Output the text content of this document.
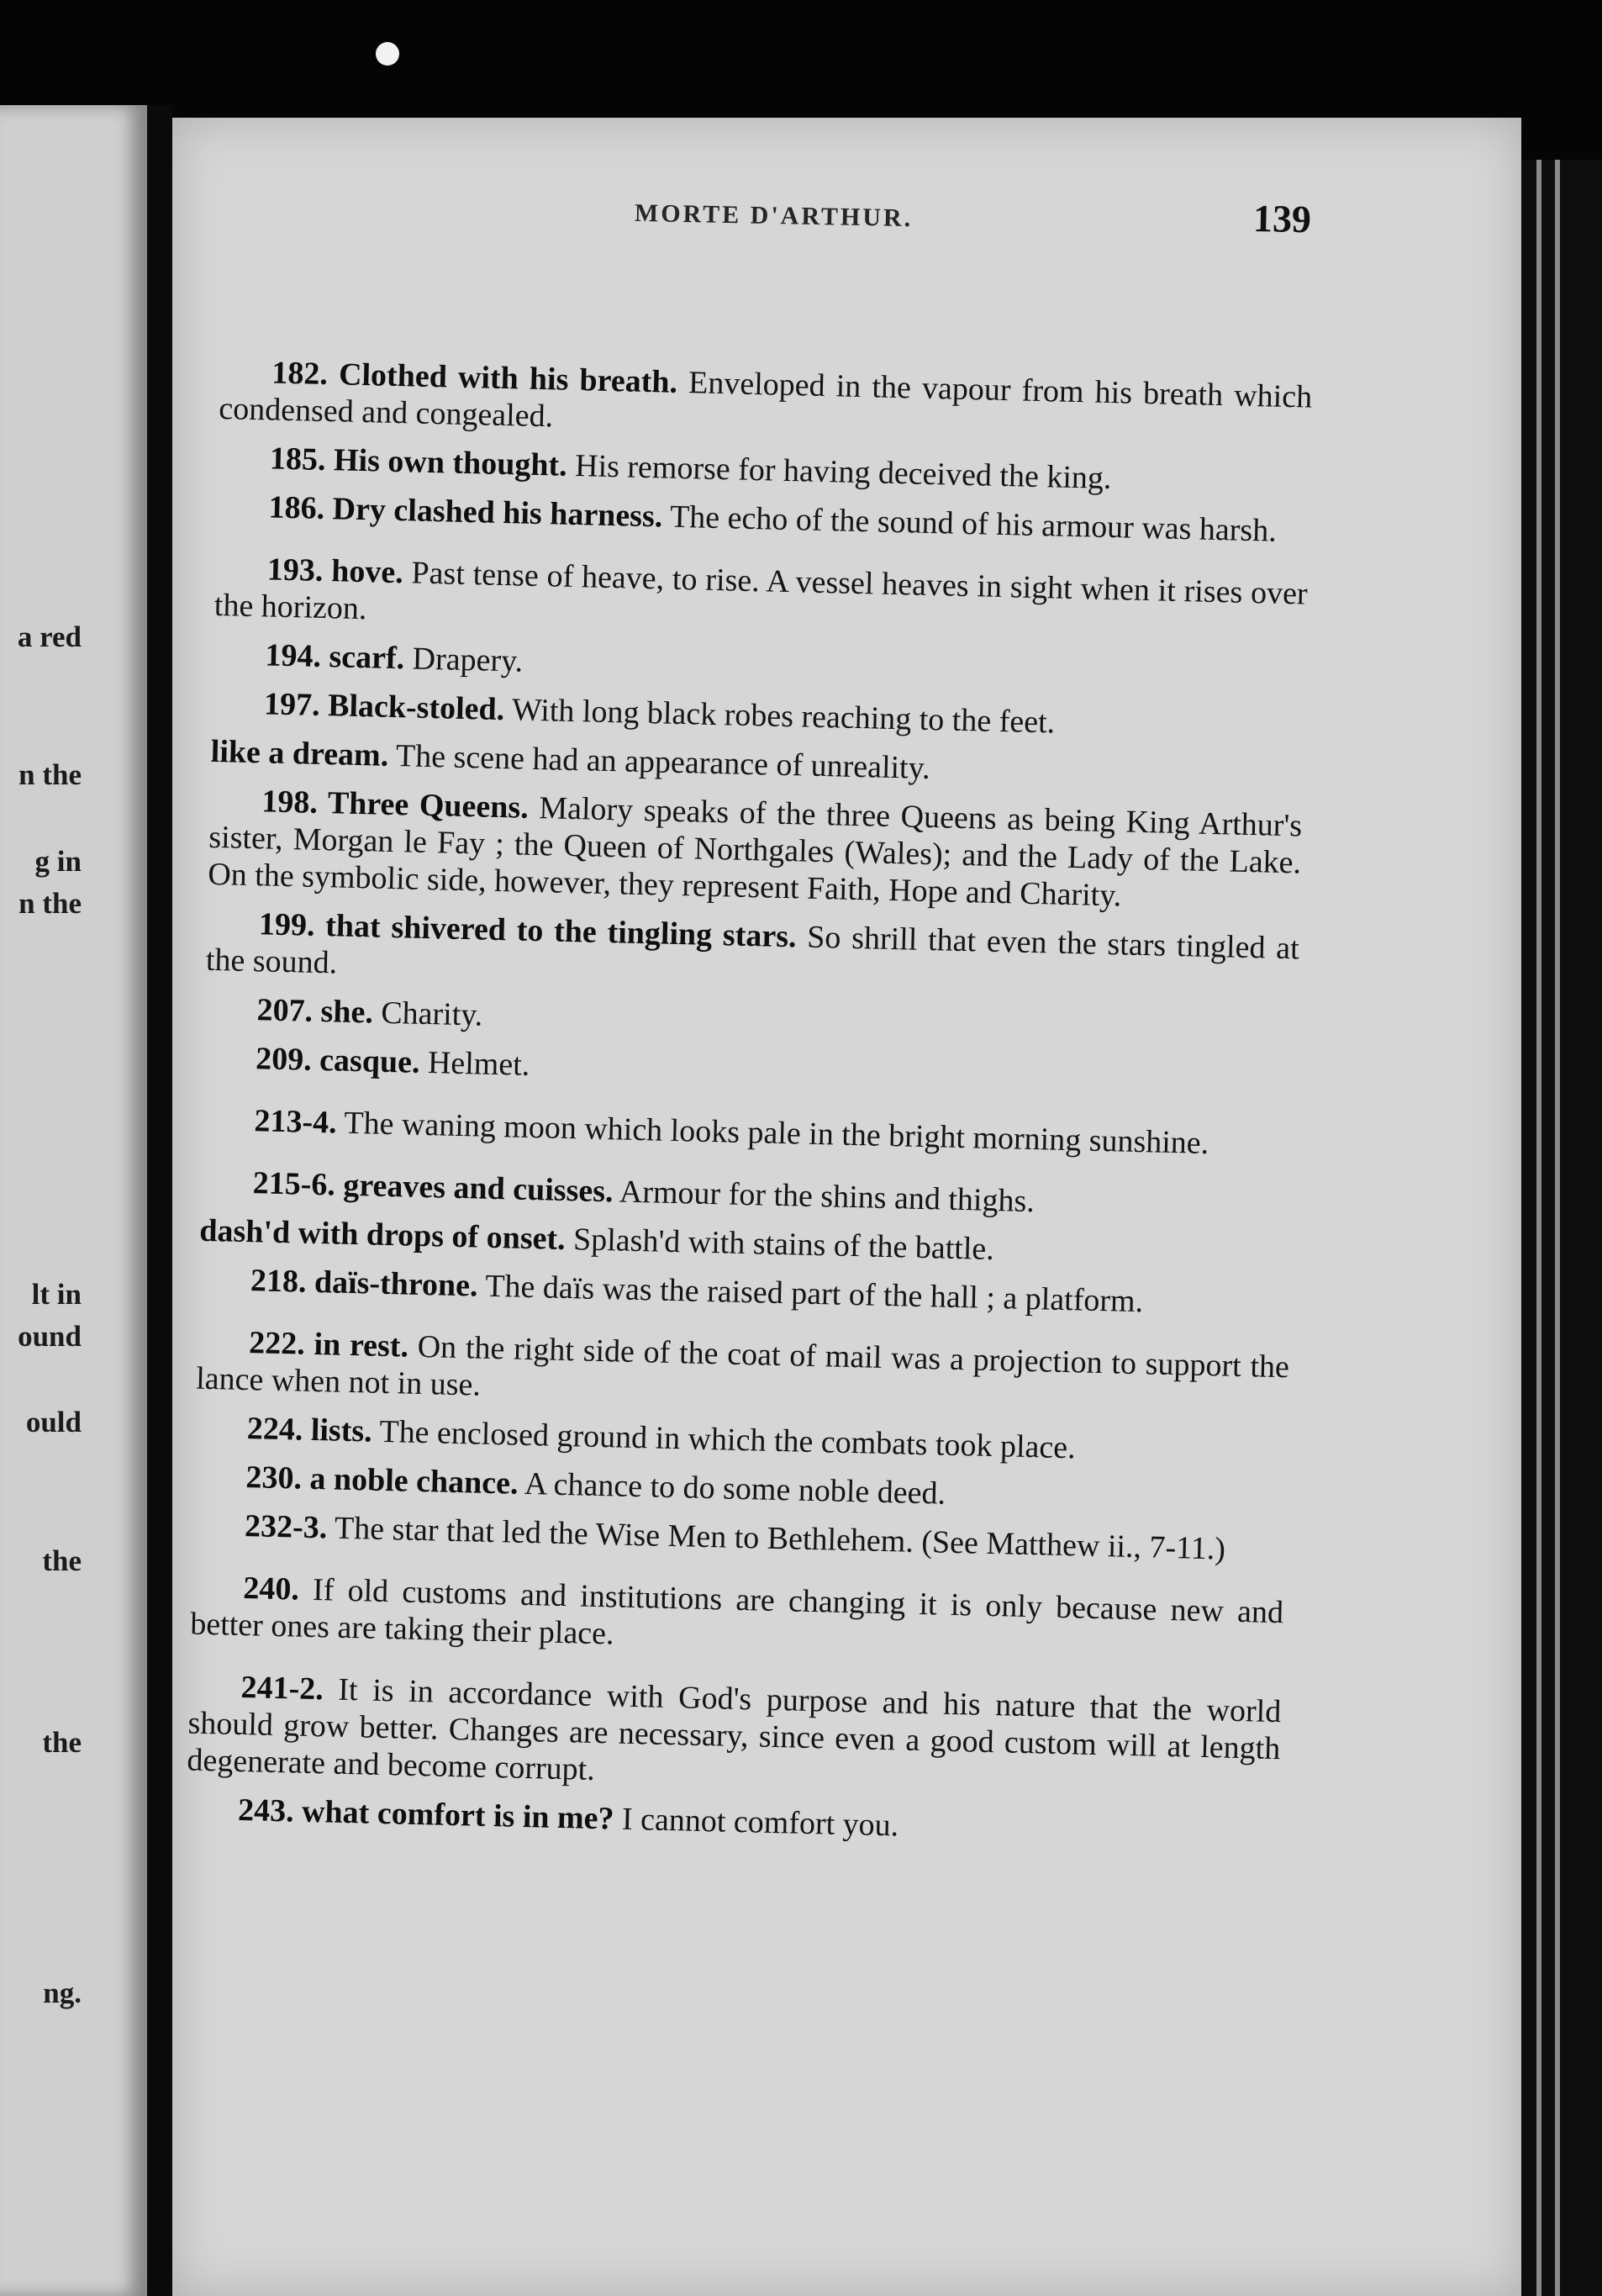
a red
n the
g in
n the
lt in
ound
ould
the
the
ng.
MORTE D'ARTHUR.	139

182. Clothed with his breath. Enveloped in the vapour from his breath which condensed and congealed.

185. His own thought. His remorse for having deceived the king.

186. Dry clashed his harness. The echo of the sound of his armour was harsh.

193. hove. Past tense of heave, to rise. A vessel heaves in sight when it rises over the horizon.

194. scarf. Drapery.

197. Black-stoled. With long black robes reaching to the feet.

like a dream. The scene had an appearance of unreality.

198. Three Queens. Malory speaks of the three Queens as being King Arthur's sister, Morgan le Fay ; the Queen of Northgales (Wales); and the Lady of the Lake. On the symbolic side, however, they represent Faith, Hope and Charity.

199. that shivered to the tingling stars. So shrill that even the stars tingled at the sound.

207. she. Charity.

209. casque. Helmet.

213-4. The waning moon which looks pale in the bright morning sunshine.

215-6. greaves and cuisses. Armour for the shins and thighs.

dash'd with drops of onset. Splash'd with stains of the battle.

218. daïs-throne. The daïs was the raised part of the hall ; a platform.

222. in rest. On the right side of the coat of mail was a projection to support the lance when not in use.

224. lists. The enclosed ground in which the combats took place.

230. a noble chance. A chance to do some noble deed.

232-3. The star that led the Wise Men to Bethlehem. (See Matthew ii., 7-11.)

240. If old customs and institutions are changing it is only because new and better ones are taking their place.

241-2. It is in accordance with God's purpose and his nature that the world should grow better. Changes are necessary, since even a good custom will at length degenerate and become corrupt.

243. what comfort is in me? I cannot comfort you.
